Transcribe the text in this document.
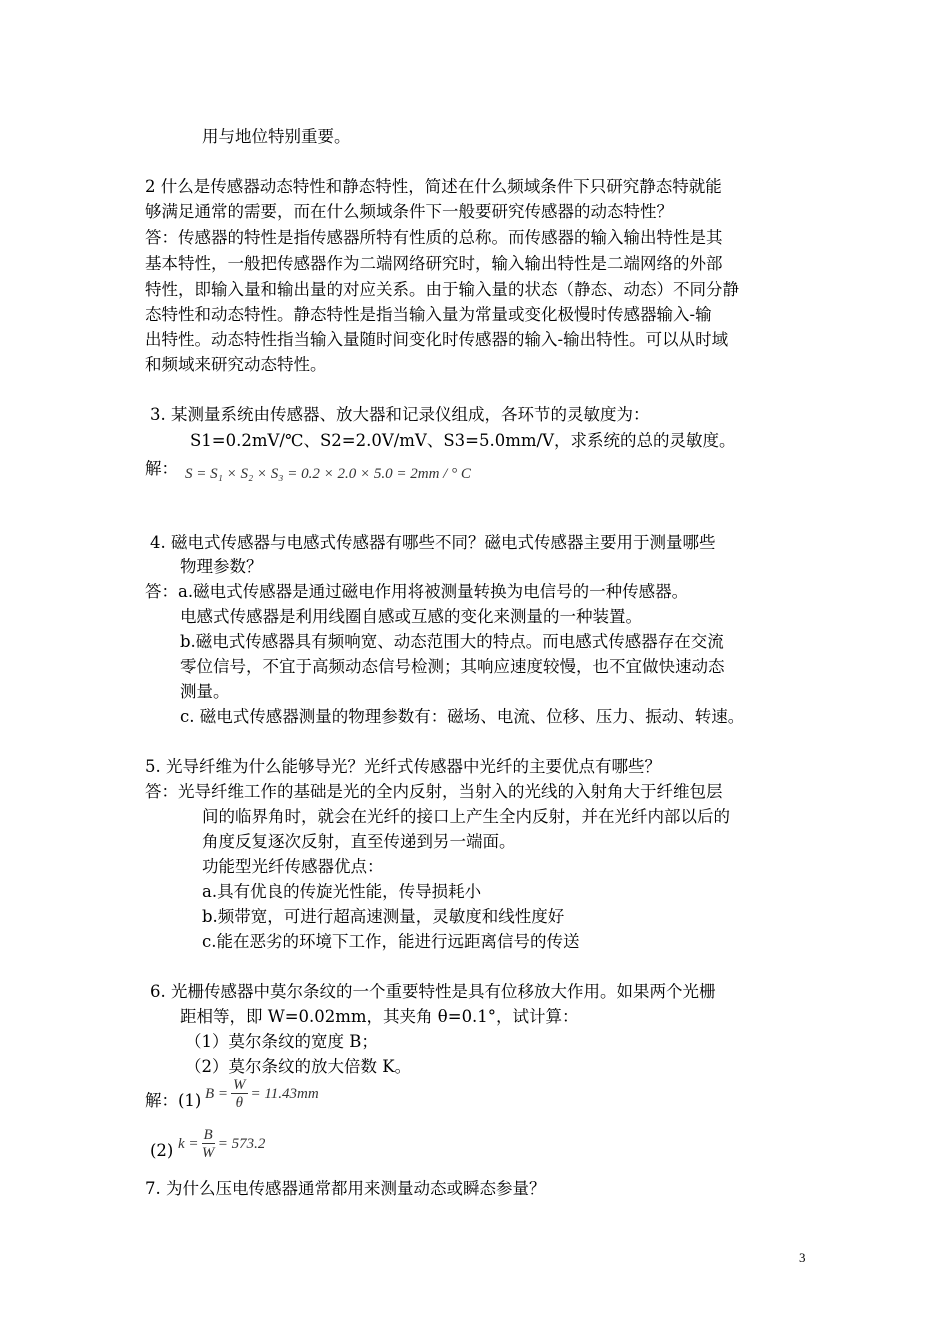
用与地位特别重要。
2 什么是传感器动态特性和静态特性，简述在什么频域条件下只研究静态特就能
够满足通常的需要，而在什么频域条件下一般要研究传感器的动态特性？
答：传感器的特性是指传感器所特有性质的总称。而传感器的输入输出特性是其
基本特性，一般把传感器作为二端网络研究时，输入输出特性是二端网络的外部
特性，即输入量和输出量的对应关系。由于输入量的状态（静态、动态）不同分静
态特性和动态特性。静态特性是指当输入量为常量或变化极慢时传感器输入-输
出特性。动态特性指当输入量随时间变化时传感器的输入-输出特性。可以从时域
和频域来研究动态特性。
3. 某测量系统由传感器、放大器和记录仪组成，各环节的灵敏度为：
S1=0.2mV/℃、S2=2.0V/mV、S3=5.0mm/V，求系统的总的灵敏度。
解： S = S₁ × S₂ × S₃ = 0.2 × 2.0 × 5.0 = 2mm / ° C
4. 磁电式传感器与电感式传感器有哪些不同？磁电式传感器主要用于测量哪些
物理参数？
答：a.磁电式传感器是通过磁电作用将被测量转换为电信号的一种传感器。
电感式传感器是利用线圈自感或互感的变化来测量的一种装置。
b.磁电式传感器具有频响宽、动态范围大的特点。而电感式传感器存在交流
零位信号，不宜于高频动态信号检测；其响应速度较慢，也不宜做快速动态
测量。
c. 磁电式传感器测量的物理参数有：磁场、电流、位移、压力、振动、转速。
5. 光导纤维为什么能够导光？光纤式传感器中光纤的主要优点有哪些？
答：光导纤维工作的基础是光的全内反射，当射入的光线的入射角大于纤维包层
间的临界角时，就会在光纤的接口上产生全内反射，并在光纤内部以后的
角度反复逐次反射，直至传递到另一端面。
功能型光纤传感器优点：
a.具有优良的传旋光性能，传导损耗小
b.频带宽，可进行超高速测量，灵敏度和线性度好
c.能在恶劣的环境下工作，能进行远距离信号的传送
6. 光栅传感器中莫尔条纹的一个重要特性是具有位移放大作用。如果两个光栅
距相等，即 W=0.02mm，其夹角 θ=0.1°，试计算：
（1）莫尔条纹的宽度 B；
（2）莫尔条纹的放大倍数 K。
解：(1) $B = \frac{W}{\theta} = 11.43mm$
(2) $k = \frac{B}{W} = 573.2$
7. 为什么压电传感器通常都用来测量动态或瞬态参量？
3
